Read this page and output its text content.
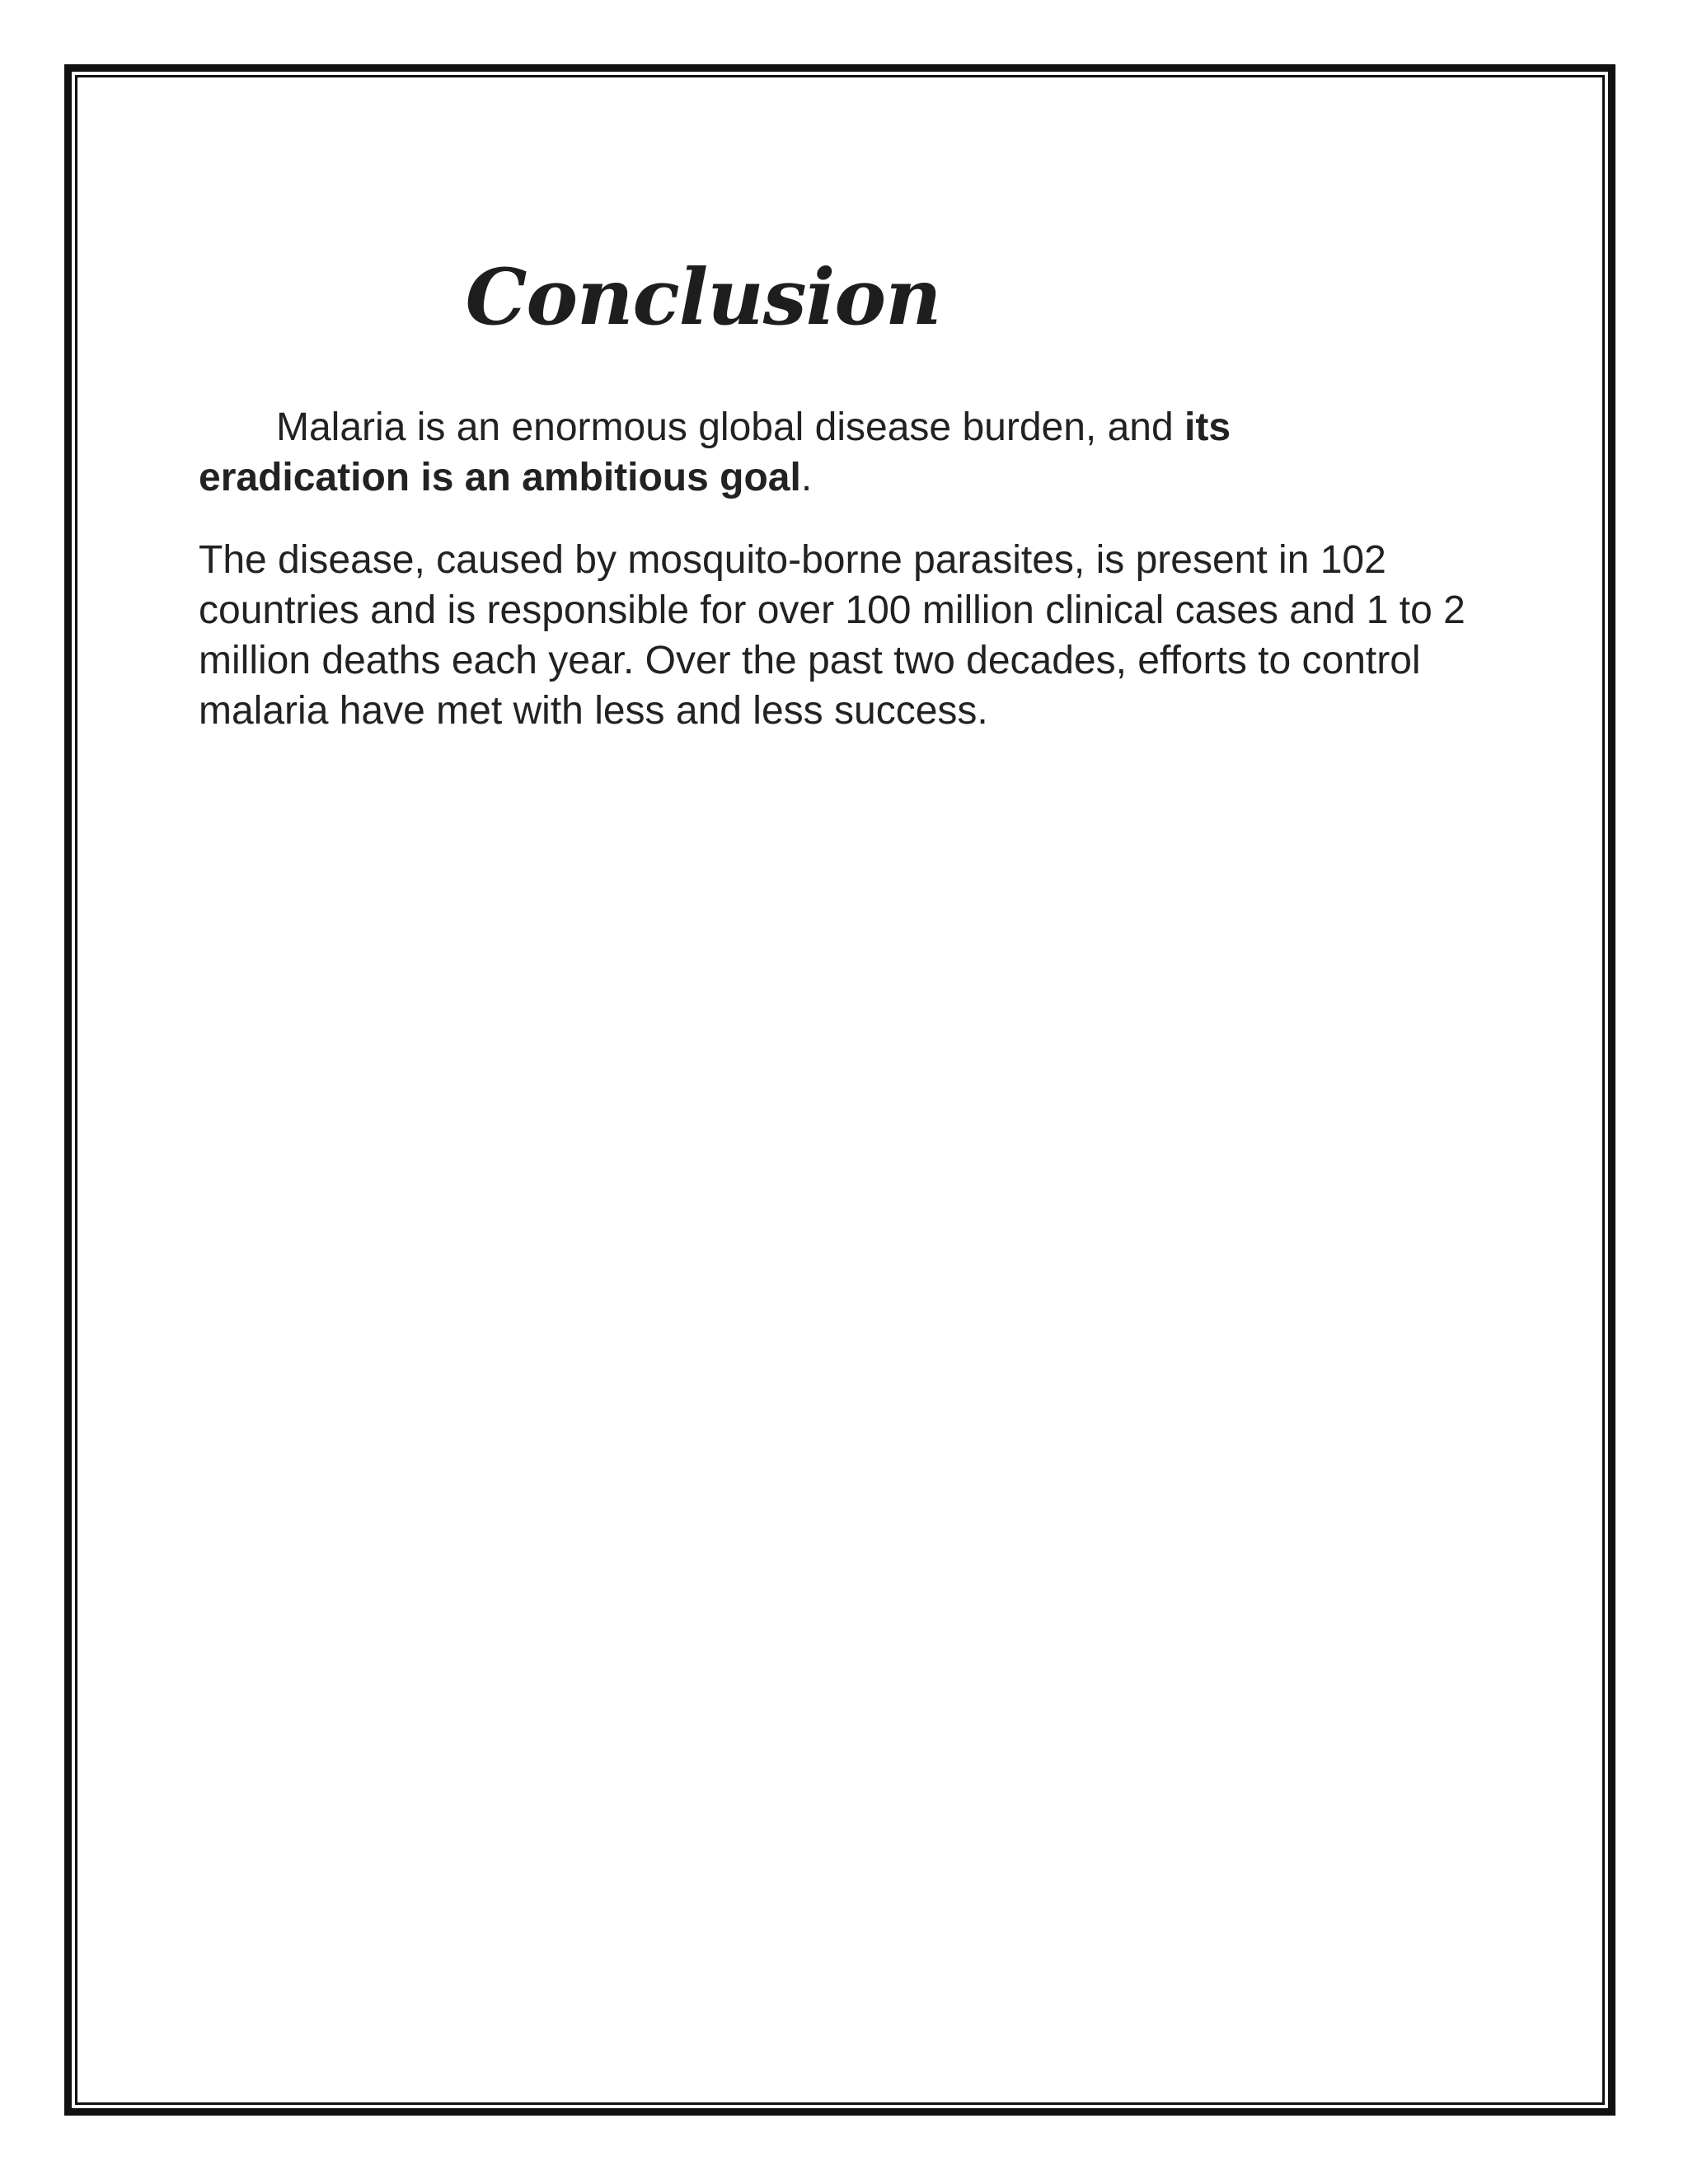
Conclusion

Malaria is an enormous global disease burden, and its eradication is an ambitious goal.

The disease, caused by mosquito-borne parasites, is present in 102 countries and is responsible for over 100 million clinical cases and 1 to 2 million deaths each year. Over the past two decades, efforts to control malaria have met with less and less success.
